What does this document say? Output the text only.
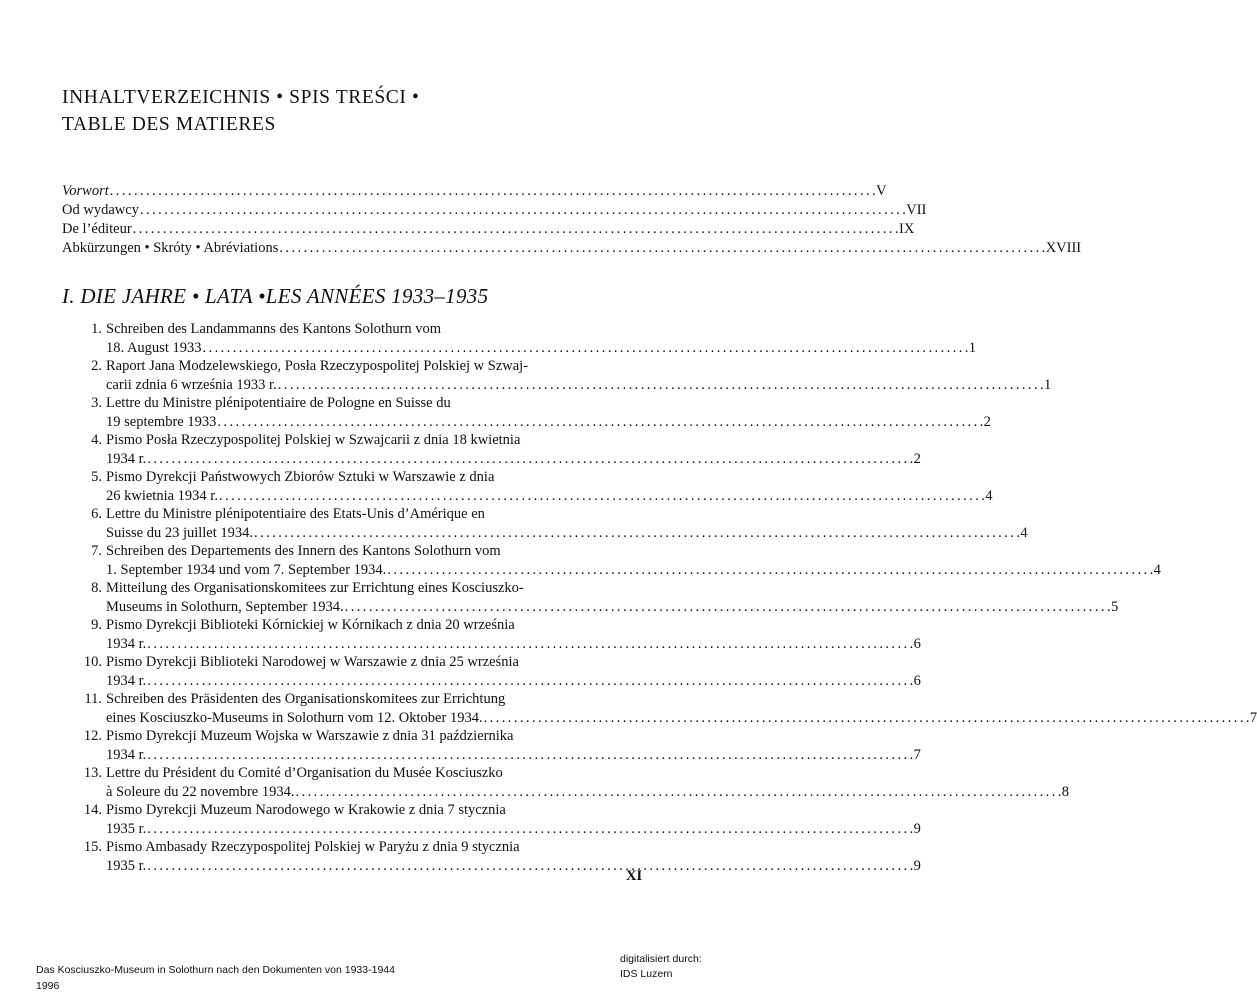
INHALTVERZEICHNIS • SPIS TREŚCI •
TABLE DES MATIERES
Vorwort . . .	V
Od wydawcy . . .	VII
De l’éditeur . . .	IX
Abkürzungen • Skróty • Abréviations . . .	XVIII
I. DIE JAHRE • LATA •LES ANNÉES 1933–1935
1. Schreiben des Landammanns des Kantons Solothurn vom
18. August 1933 . . .	1
2. Raport Jana Modzelewskiego, Posła Rzeczypospolitej Polskiej w Szwaj-
carii zdnia 6 września 1933 r. . . .	1
3. Lettre du Ministre plénipotentiaire de Pologne en Suisse du
19 septembre 1933 . . .	2
4. Pismo Posła Rzeczypospolitej Polskiej w Szwajcarii z dnia 18 kwietnia
1934 r. . . .	2
5. Pismo Dyrekcji Państwowych Zbiorów Sztuki w Warszawie z dnia
26 kwietnia 1934 r. . . .	4
6. Lettre du Ministre plénipotentiaire des Etats-Unis d’Amérique en
Suisse du 23 juillet 1934. . . .	4
7. Schreiben des Departements des Innern des Kantons Solothurn vom
1. September 1934 und vom 7. September 1934. . . .	4
8. Mitteilung des Organisationskomitees zur Errichtung eines Kosciuszko-
Museums in Solothurn, September 1934. . . .	5
9. Pismo Dyrekcji Biblioteki Kórnickiej w Kórnikach z dnia 20 września
1934 r. . . .	6
10. Pismo Dyrekcji Biblioteki Narodowej w Warszawie z dnia 25 września
1934 r. . . .	6
11. Schreiben des Präsidenten des Organisationskomitees zur Errichtung
eines Kosciuszko-Museums in Solothurn vom 12. Oktober 1934. . . .	7
12. Pismo Dyrekcji Muzeum Wojska w Warszawie z dnia 31 października
1934 r. . . .	7
13. Lettre du Président du Comité d’Organisation du Musée Kosciuszko
à Soleure du 22 novembre 1934. . . .	8
14. Pismo Dyrekcji Muzeum Narodowego w Krakowie z dnia 7 stycznia
1935 r. . . .	9
15. Pismo Ambasady Rzeczypospolitej Polskiej w Paryżu z dnia 9 stycznia
1935 r. . . .	9
XI
Das Kosciuszko-Museum in Solothurn nach den Dokumenten von 1933-1944
1996
digitalisiert durch:
IDS Luzern
